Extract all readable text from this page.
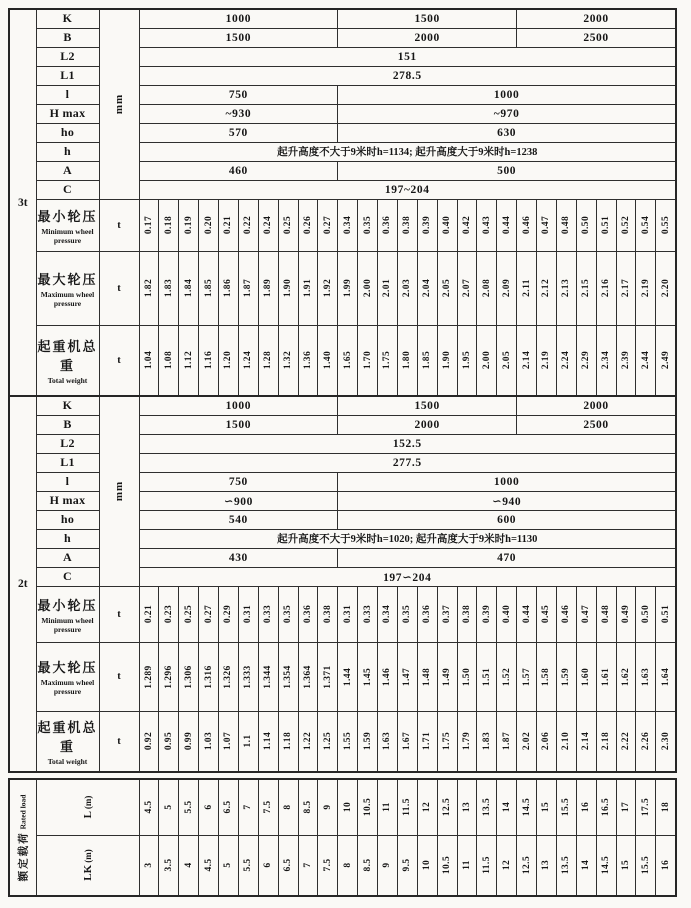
3t	K	mm	1000										1500									2000							
	B		1500										2000									2500							
	L2		151																										
	L1		278.5																										
	l		750										1000																
	H max		~930										~970																
	ho		570										630																
	h		起升高度不大于9米时h=1134; 起升高度大于9米时h=1238																										
	A		460										500																
	C		197~204																										

	最小轮压
Minimum wheel pressure	t	0.17	0.18	0.19	0.20	0.21	0.22	0.24	0.25	0.26	0.27	0.34	0.35	0.36	0.38	0.39	0.40	0.42	0.43	0.44	0.46	0.47	0.48	0.50	0.51	0.52	0.54	0.55

	最大轮压
Maximum wheel pressure	t	1.82	1.83	1.84	1.85	1.86	1.87	1.89	1.90	1.91	1.92	1.99	2.00	2.01	2.03	2.04	2.05	2.07	2.08	2.09	2.11	2.12	2.13	2.15	2.16	2.17	2.19	2.20

	起重机总重
Total weight	t	1.04	1.08	1.12	1.16	1.20	1.24	1.28	1.32	1.36	1.40	1.65	1.70	1.75	1.80	1.85	1.90	1.95	2.00	2.05	2.14	2.19	2.24	2.29	2.34	2.39	2.44	2.49
2t	K	mm	1000										1500									2000							
	B		1500										2000									2500							
	L2		152.5																										
	L1		277.5																										
	l		750										1000																
	H max		∽900										∽940																
	ho		540										600																
	h		起升高度不大于9米时h=1020; 起升高度大于9米时h=1130																										
	A		430										470																
	C		197∽204																										

	最小轮压
Minimum wheel pressure	t	0.21	0.23	0.25	0.27	0.29	0.31	0.33	0.35	0.36	0.38	0.31	0.33	0.34	0.35	0.36	0.37	0.38	0.39	0.40	0.44	0.45	0.46	0.47	0.48	0.49	0.50	0.51

	最大轮压
Maximum wheel pressure	t	1.289	1.296	1.306	1.316	1.326	1.333	1.344	1.354	1.364	1.371	1.44	1.45	1.46	1.47	1.48	1.49	1.50	1.51	1.52	1.57	1.58	1.59	1.60	1.61	1.62	1.63	1.64

	起重机总重
Total weight	t	0.92	0.95	0.99	1.03	1.07	1.1	1.14	1.18	1.22	1.25	1.55	1.59	1.63	1.67	1.71	1.75	1.79	1.83	1.87	2.02	2.06	2.10	2.14	2.18	2.22	2.26	2.30
额定载荷
Rated load	L
(m)	4.5	5	5.5	6	6.5	7	7.5	8	8.5	9	10	10.5	11	11.5	12	12.5	13	13.5	14	14.5	15	15.5	16	16.5	17	17.5	18

	LK
(m)	3	3.5	4	4.5	5	5.5	6	6.5	7	7.5	8	8.5	9	9.5	10	10.5	11	11.5	12	12.5	13	13.5	14	14.5	15	15.5	16
